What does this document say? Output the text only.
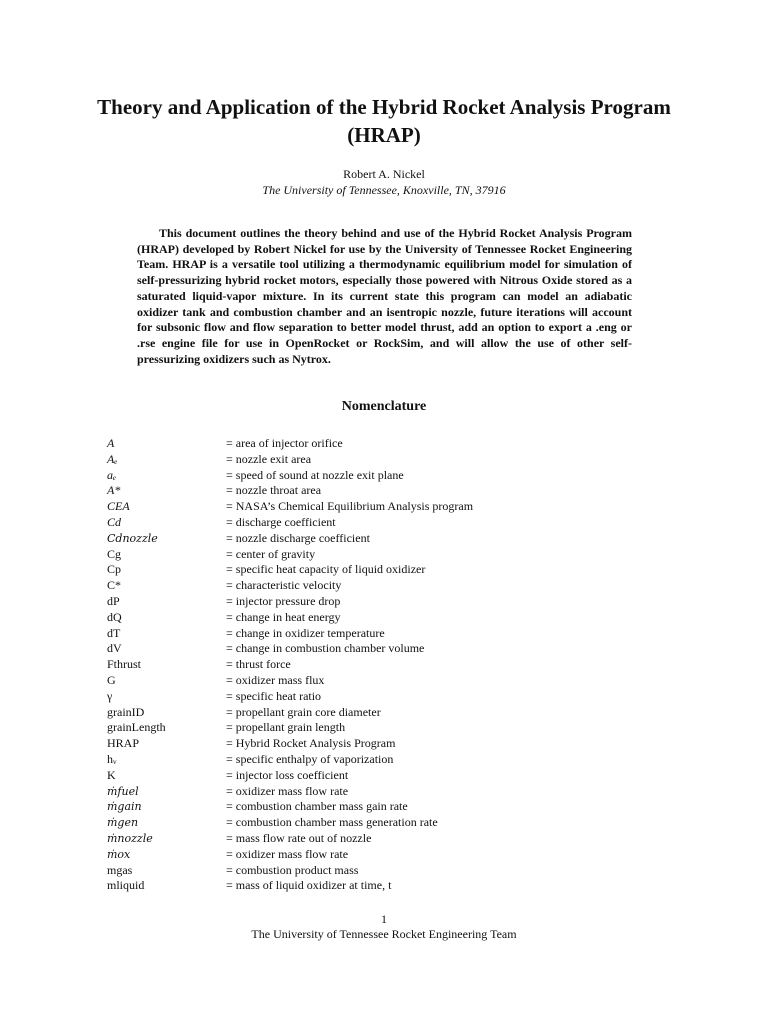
Theory and Application of the Hybrid Rocket Analysis Program (HRAP)
Robert A. Nickel
The University of Tennessee, Knoxville, TN, 37916

This document outlines the theory behind and use of the Hybrid Rocket Analysis Program (HRAP) developed by Robert Nickel for use by the University of Tennessee Rocket Engineering Team. HRAP is a versatile tool utilizing a thermodynamic equilibrium model for simulation of self-pressurizing hybrid rocket motors, especially those powered with Nitrous Oxide stored as a saturated liquid-vapor mixture. In its current state this program can model an adiabatic oxidizer tank and combustion chamber and an isentropic nozzle, future iterations will account for subsonic flow and flow separation to better model thrust, add an option to export a .eng or .rse engine file for use in OpenRocket or RockSim, and will allow the use of other self-pressurizing oxidizers such as Nytrox.

Nomenclature
A	= area of injector orifice
Aₑ	= nozzle exit area
aₑ	= speed of sound at nozzle exit plane
A*	= nozzle throat area
CEA	= NASA’s Chemical Equilibrium Analysis program
Cd	= discharge coefficient
Cdnozzle	= nozzle discharge coefficient
Cg	= center of gravity
Cp	= specific heat capacity of liquid oxidizer
C*	= characteristic velocity
dP	= injector pressure drop
dQ	= change in heat energy
dT	= change in oxidizer temperature
dV	= change in combustion chamber volume
Fthrust	= thrust force
G	= oxidizer mass flux
γ	= specific heat ratio
grainID	= propellant grain core diameter
grainLength	= propellant grain length
HRAP	= Hybrid Rocket Analysis Program
hᵥ	= specific enthalpy of vaporization
K	= injector loss coefficient
ṁfuel	= oxidizer mass flow rate
ṁgain	= combustion chamber mass gain rate
ṁgen	= combustion chamber mass generation rate
ṁnozzle	= mass flow rate out of nozzle
ṁox	= oxidizer mass flow rate
mgas	= combustion product mass
mliquid	= mass of liquid oxidizer at time, t
1
The University of Tennessee Rocket Engineering Team
